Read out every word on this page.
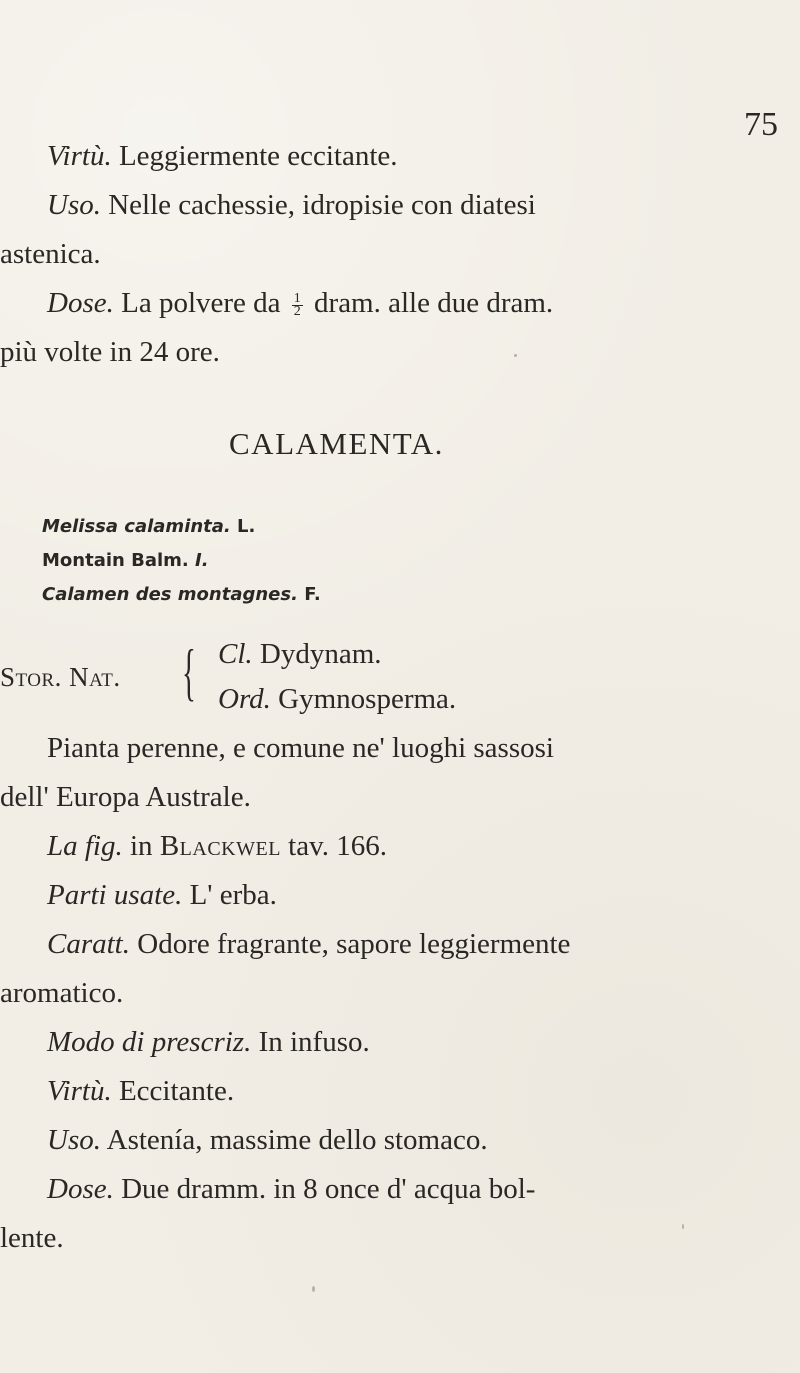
75
Virtù. Leggiermente eccitante.
Uso. Nelle cachessie, idropisie con diatesi
astenica.
Dose. La polvere da $\frac{1}{2}$ dram. alle due dram.
più volte in 24 ore.
CALAMENTA.
Melissa calaminta. L.
Montain Balm. I.
Calamen des montagnes. F.
Stor. Nat. { Cl. Dydynam.
Ord. Gymnosperma.
Pianta perenne, e comune ne' luoghi sassosi
dell' Europa Australe.
La fig. in Blackwel tav. 166.
Parti usate. L' erba.
Caratt. Odore fragrante, sapore leggiermente
aromatico.
Modo di prescriz. In infuso.
Virtù. Eccitante.
Uso. Astenía, massime dello stomaco.
Dose. Due dramm. in 8 once d' acqua bol-
lente.
